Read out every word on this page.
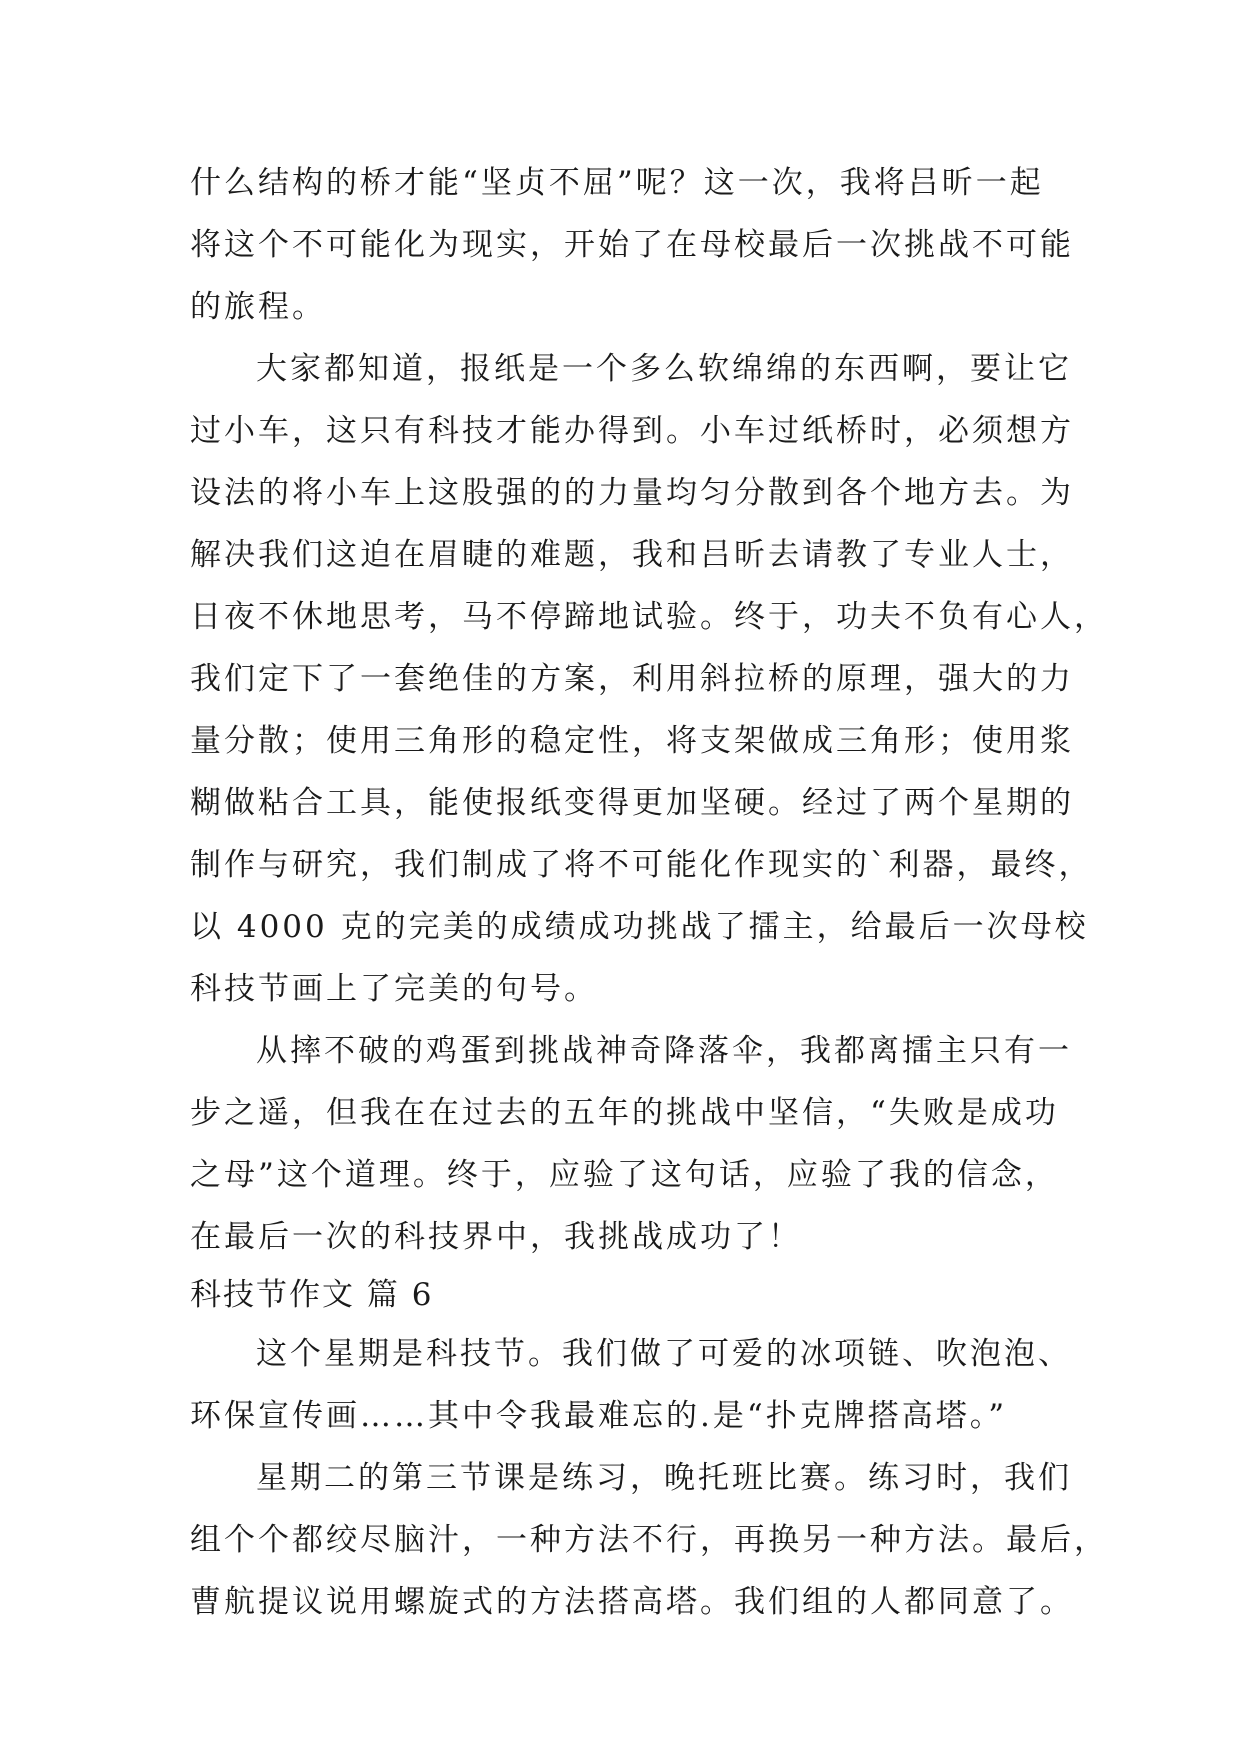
什么结构的桥才能“坚贞不屈”呢？这一次，我将吕昕一起
将这个不可能化为现实，开始了在母校最后一次挑战不可能
的旅程。
大家都知道，报纸是一个多么软绵绵的东西啊，要让它
过小车，这只有科技才能办得到。小车过纸桥时，必须想方
设法的将小车上这股强的的力量均匀分散到各个地方去。为
解决我们这迫在眉睫的难题，我和吕昕去请教了专业人士，
日夜不休地思考，马不停蹄地试验。终于，功夫不负有心人，
我们定下了一套绝佳的方案，利用斜拉桥的原理，强大的力
量分散；使用三角形的稳定性，将支架做成三角形；使用浆
糊做粘合工具，能使报纸变得更加坚硬。经过了两个星期的
制作与研究，我们制成了将不可能化作现实的`利器，最终，
以 4000 克的完美的成绩成功挑战了擂主，给最后一次母校
科技节画上了完美的句号。
从摔不破的鸡蛋到挑战神奇降落伞，我都离擂主只有一
步之遥，但我在在过去的五年的挑战中坚信，“失败是成功
之母”这个道理。终于，应验了这句话，应验了我的信念，
在最后一次的科技界中，我挑战成功了！
科技节作文 篇 6
这个星期是科技节。我们做了可爱的冰项链、吹泡泡、
环保宣传画……其中令我最难忘的.是“扑克牌搭高塔。”
星期二的第三节课是练习，晚托班比赛。练习时，我们
组个个都绞尽脑汁，一种方法不行，再换另一种方法。最后，
曹航提议说用螺旋式的方法搭高塔。我们组的人都同意了。
